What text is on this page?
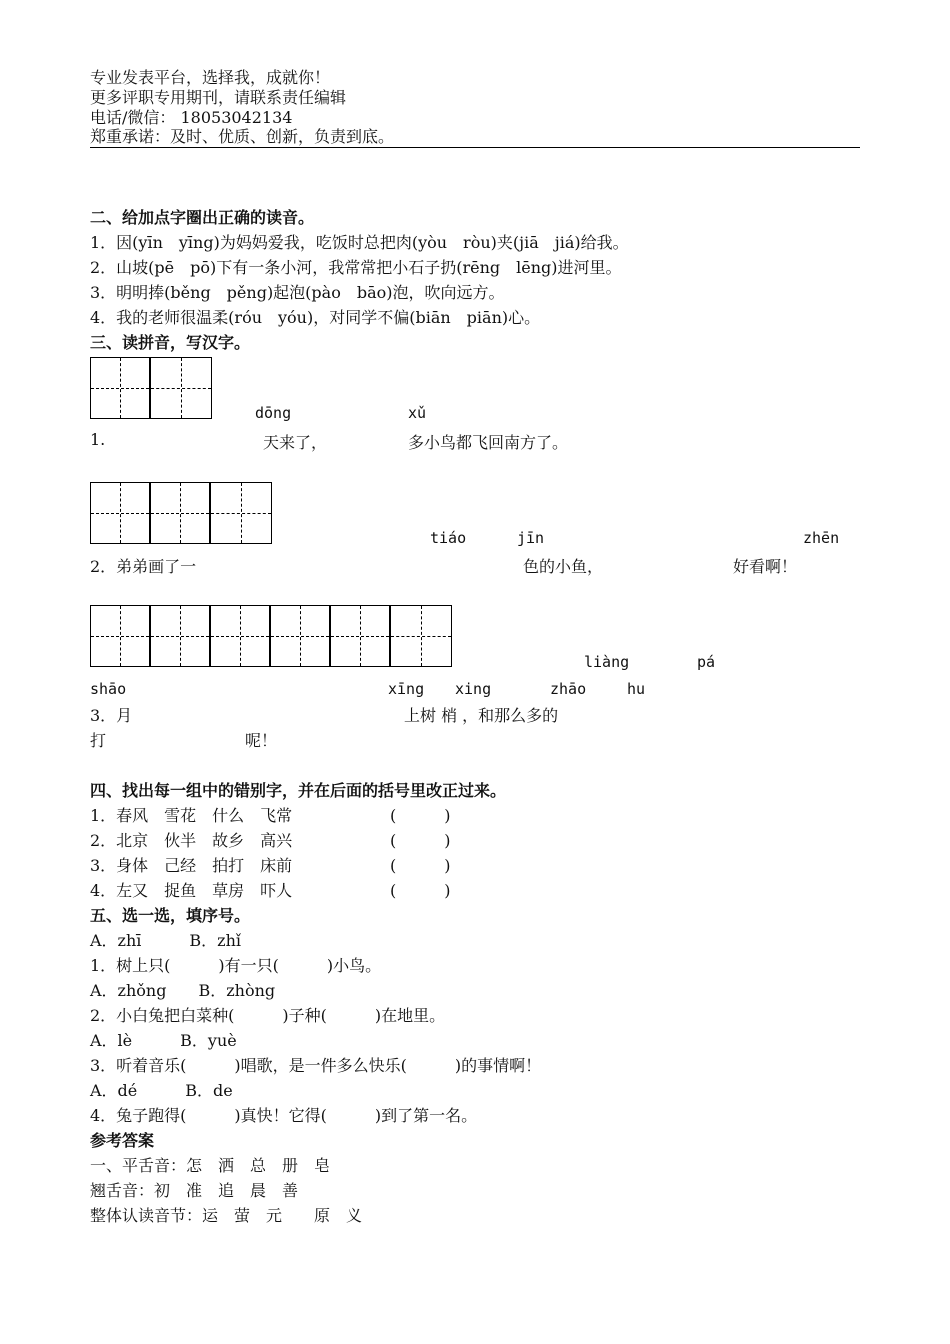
专业发表平台，选择我，成就你！
更多评职专用期刊，请联系责任编辑
电话/微信： 18053042134
郑重承诺：及时、优质、创新，负责到底。
二、给加点字圈出正确的读音。
1．因(yīn　yīng)为妈妈爱我，吃饭时总把肉(yòu　ròu)夹(jiā　jiá)给我。
2．山坡(pē　pō)下有一条小河，我常常把小石子扔(rēng　lēng)进河里。
3．明明捧(běng　pěng)起泡(pào　bāo)泡，吹向远方。
4．我的老师很温柔(róu　yóu)，对同学不偏(biān　piān)心。
三、读拼音，写汉字。
dōng	xǔ
1.	天来了，	多小鸟都飞回南方了。
tiáo	jīn	zhēn
2．弟弟画了一	色的小鱼，	好看啊！
liàng	pá
shāo	xīng xing	zhāo	hu
3．月	上树 梢 ，和那么多的
打	呢！
四、找出每一组中的错别字，并在后面的括号里改正过来。
1．春风　雪花　什么　飞常	(　　　)
2．北京　伙半　故乡　高兴	(　　　)
3．身体　己经　拍打　床前	(　　　)
4．左又　捉鱼　草房　吓人	(　　　)
五、选一选，填序号。
A．zhī　　　B．zhǐ
1．树上只(　　　)有一只(　　　)小鸟。
A．zhǒng　　B．zhòng
2．小白兔把白菜种(　　　)子种(　　　)在地里。
A．lè　　　B．yuè
3．听着音乐(　　　)唱歌，是一件多么快乐(　　　)的事情啊！
A．dé　　　B．de
4．兔子跑得(　　　)真快！它得(　　　)到了第一名。
参考答案
一、平舌音：怎　洒　总　册　皂
翘舌音：初　准　追　晨　善
整体认读音节：运　萤　元　　原　义
